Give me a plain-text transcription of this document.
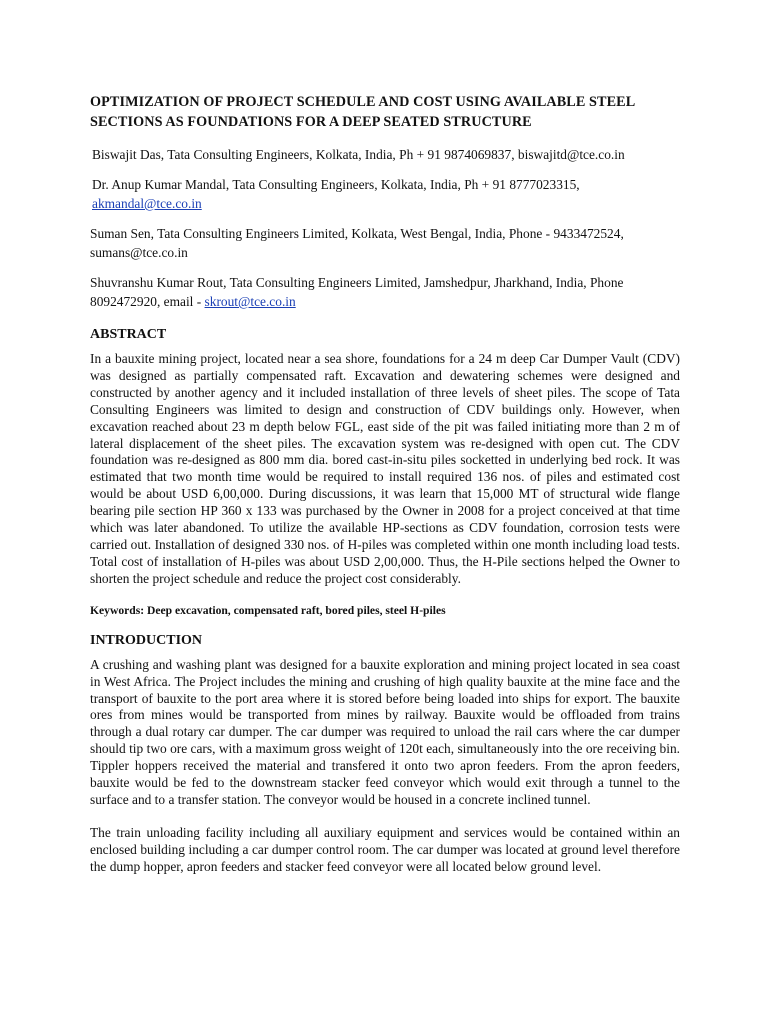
OPTIMIZATION OF PROJECT SCHEDULE AND COST USING AVAILABLE STEEL SECTIONS AS FOUNDATIONS FOR A DEEP SEATED STRUCTURE

Biswajit Das, Tata Consulting Engineers, Kolkata, India, Ph + 91 9874069837, biswajitd@tce.co.in

Dr. Anup Kumar Mandal, Tata Consulting Engineers, Kolkata, India, Ph + 91 8777023315,
akmandal@tce.co.in

Suman Sen, Tata Consulting Engineers Limited, Kolkata, West Bengal, India, Phone - 9433472524, sumans@tce.co.in

Shuvranshu Kumar Rout, Tata Consulting Engineers Limited, Jamshedpur, Jharkhand, India, Phone 8092472920, email - skrout@tce.co.in

ABSTRACT

In a bauxite mining project, located near a sea shore, foundations for a 24 m deep Car Dumper Vault (CDV) was designed as partially compensated raft. Excavation and dewatering schemes were designed and constructed by another agency and it included installation of three levels of sheet piles. The scope of Tata Consulting Engineers was limited to design and construction of CDV buildings only. However, when excavation reached about 23 m depth below FGL, east side of the pit was failed initiating more than 2 m of lateral displacement of the sheet piles. The excavation system was re-designed with open cut. The CDV foundation was re-designed as 800 mm dia. bored cast-in-situ piles socketted in underlying bed rock. It was estimated that two month time would be required to install required 136 nos. of piles and estimated cost would be about USD 6,00,000. During discussions, it was learn that 15,000 MT of structural wide flange bearing pile section HP 360 x 133 was purchased by the Owner in 2008 for a project conceived at that time which was later abandoned. To utilize the available HP-sections as CDV foundation, corrosion tests were carried out. Installation of designed 330 nos. of H-piles was completed within one month including load tests. Total cost of installation of H-piles was about USD 2,00,000. Thus, the H-Pile sections helped the Owner to shorten the project schedule and reduce the project cost considerably.

Keywords: Deep excavation, compensated raft, bored piles, steel H-piles

INTRODUCTION

A crushing and washing plant was designed for a bauxite exploration and mining project located in sea coast in West Africa. The Project includes the mining and crushing of high quality bauxite at the mine face and the transport of bauxite to the port area where it is stored before being loaded into ships for export. The bauxite ores from mines would be transported from mines by railway. Bauxite would be offloaded from trains through a dual rotary car dumper. The car dumper was required to unload the rail cars where the car dumper should tip two ore cars, with a maximum gross weight of 120t each, simultaneously into the ore receiving bin. Tippler hoppers received the material and transfered it onto two apron feeders. From the apron feeders, bauxite would be fed to the downstream stacker feed conveyor which would exit through a tunnel to the surface and to a transfer station. The conveyor would be housed in a concrete inclined tunnel.

The train unloading facility including all auxiliary equipment and services would be contained within an enclosed building including a car dumper control room. The car dumper was located at ground level therefore the dump hopper, apron feeders and stacker feed conveyor were all located below ground level.
